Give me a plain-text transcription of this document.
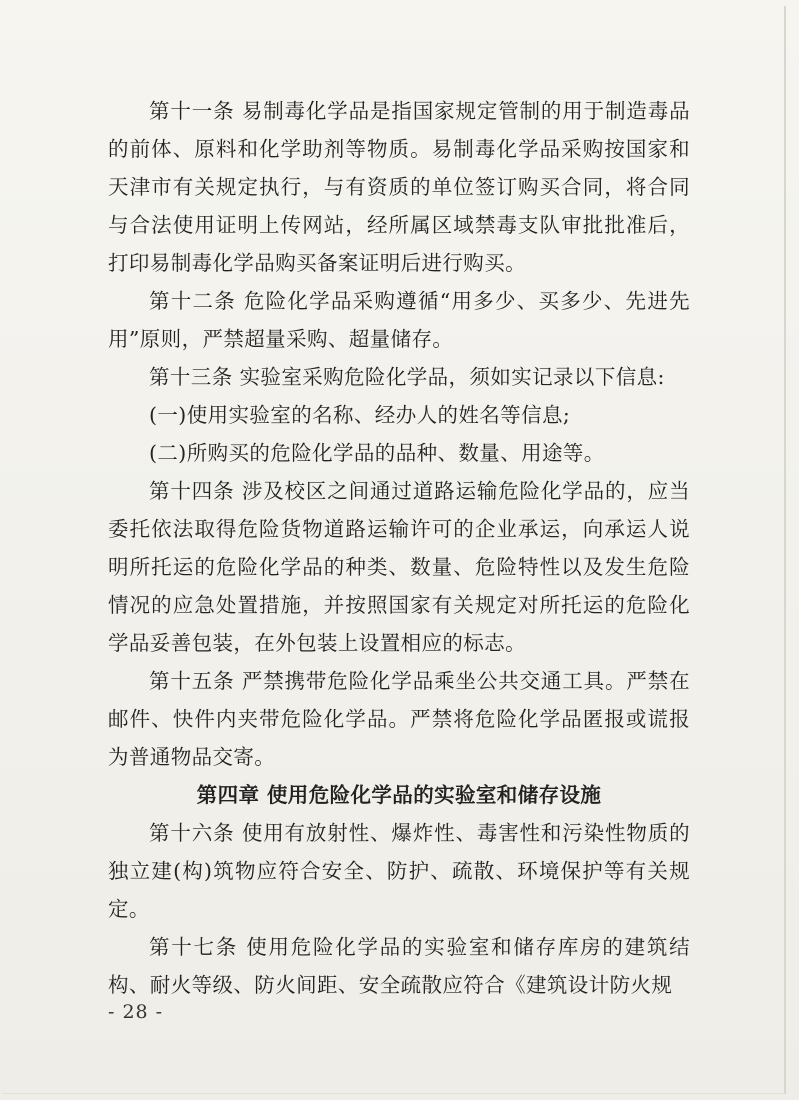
第十一条 易制毒化学品是指国家规定管制的用于制造毒品的前体、原料和化学助剂等物质。易制毒化学品采购按国家和天津市有关规定执行，与有资质的单位签订购买合同，将合同与合法使用证明上传网站，经所属区域禁毒支队审批批准后，打印易制毒化学品购买备案证明后进行购买。

第十二条 危险化学品采购遵循“用多少、买多少、先进先用”原则，严禁超量采购、超量储存。

第十三条 实验室采购危险化学品，须如实记录以下信息:

(一)使用实验室的名称、经办人的姓名等信息;

(二)所购买的危险化学品的品种、数量、用途等。

第十四条 涉及校区之间通过道路运输危险化学品的，应当委托依法取得危险货物道路运输许可的企业承运，向承运人说明所托运的危险化学品的种类、数量、危险特性以及发生危险情况的应急处置措施，并按照国家有关规定对所托运的危险化学品妥善包装，在外包装上设置相应的标志。

第十五条 严禁携带危险化学品乘坐公共交通工具。严禁在邮件、快件内夹带危险化学品。严禁将危险化学品匿报或谎报为普通物品交寄。

第四章 使用危险化学品的实验室和储存设施

第十六条 使用有放射性、爆炸性、毒害性和污染性物质的独立建(构)筑物应符合安全、防护、疏散、环境保护等有关规定。

第十七条 使用危险化学品的实验室和储存库房的建筑结构、耐火等级、防火间距、安全疏散应符合《建筑设计防火规

- 28 -
